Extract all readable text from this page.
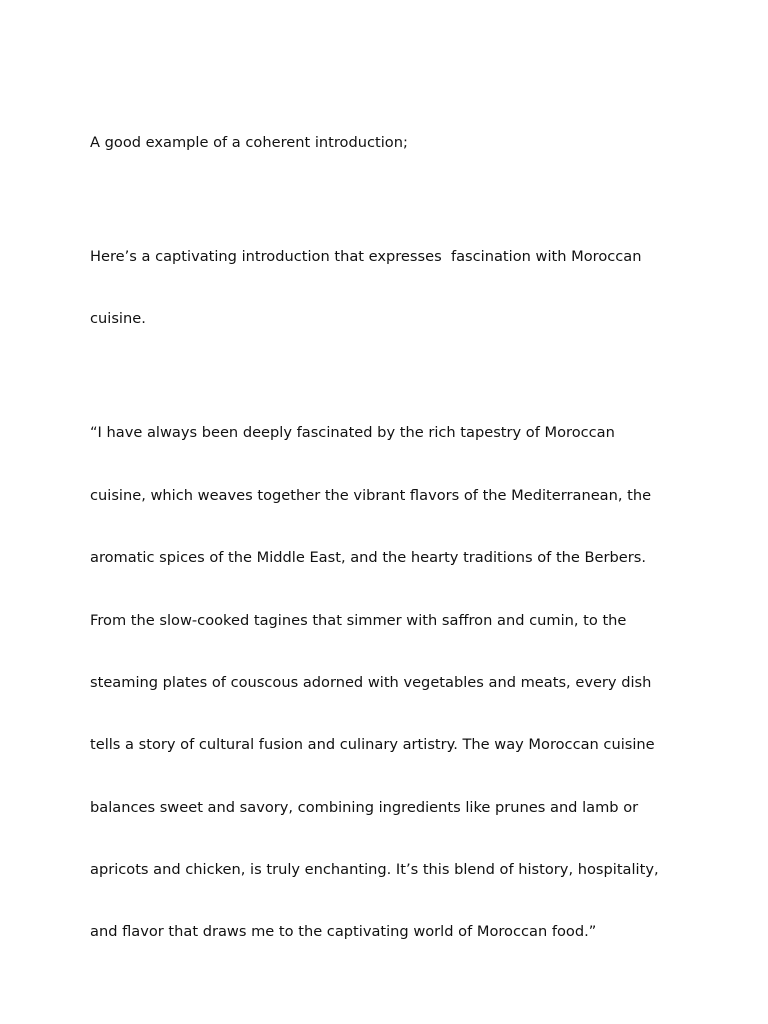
A good example of a coherent introduction;

Here’s a captivating introduction that expresses  fascination with Moroccan

cuisine.

“I have always been deeply fascinated by the rich tapestry of Moroccan

cuisine, which weaves together the vibrant flavors of the Mediterranean, the

aromatic spices of the Middle East, and the hearty traditions of the Berbers.

From the slow-cooked tagines that simmer with saffron and cumin, to the

steaming plates of couscous adorned with vegetables and meats, every dish

tells a story of cultural fusion and culinary artistry. The way Moroccan cuisine

balances sweet and savory, combining ingredients like prunes and lamb or

apricots and chicken, is truly enchanting. It’s this blend of history, hospitality,

and flavor that draws me to the captivating world of Moroccan food.”
